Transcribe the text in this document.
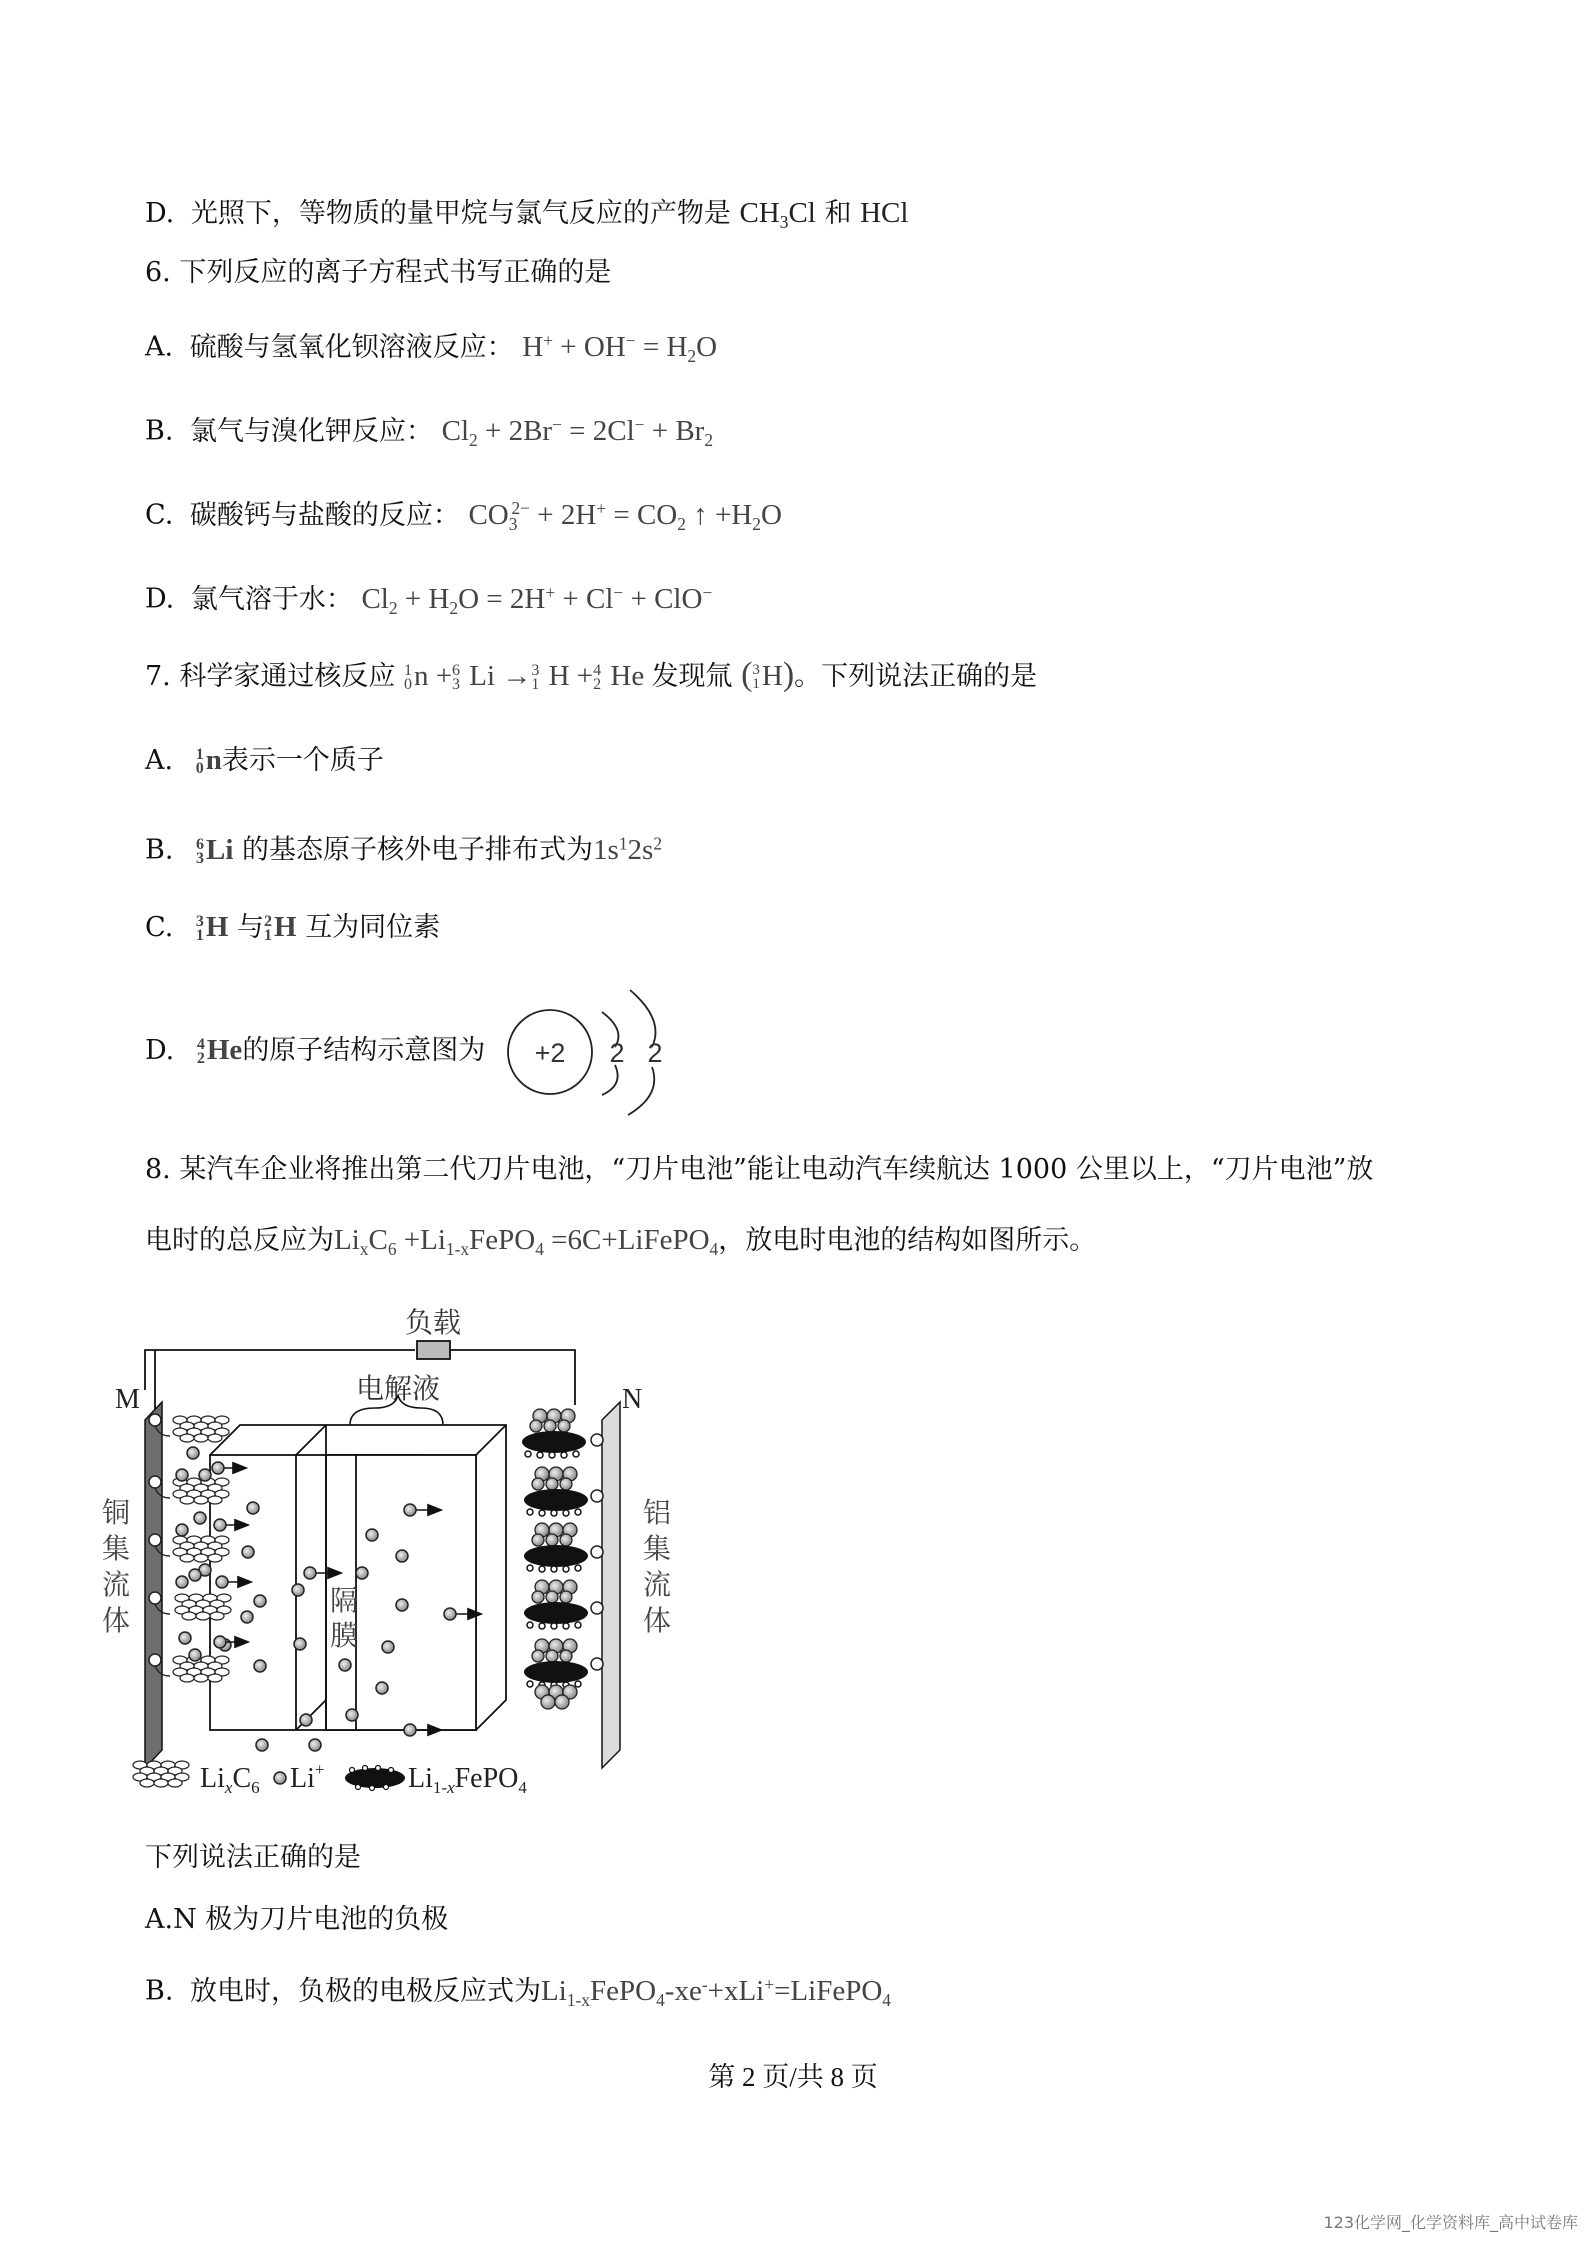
D. 光照下，等物质的量甲烷与氯气反应的产物是 $CH_3Cl$ 和 HCl
6. 下列反应的离子方程式书写正确的是
A. 硫酸与氢氧化钡溶液反应： $H^+ + OH^- = H_2O$
B. 氯气与溴化钾反应： $Cl_2 + 2Br^- = 2Cl^- + Br_2$
C. 碳酸钙与盐酸的反应： $CO_3^{2-} + 2H^+ = CO_2$ ↑ $+H_2O$
D. 氯气溶于水： $Cl_2 + H_2O = 2H^+ + Cl^- + ClO^-$
7. 科学家通过核反应 1
0 n + 6
3 Li → 3
1 H + 4
2 He 发现氚 ( 3
1 H)。下列说法正确的是
A. 1
0 n表示一个质子
B. 6
3 Li 的基态原子核外电子排布式为$1s^12s^2$
C. 3
1 H 与 2
1 H 互为同位素
D. 4
2 He的原子结构示意图为 +2 2 2
8. 某汽车企业将推出第二代刀片电池，“刀片电池”能让电动汽车续航达 1000 公里以上，“刀片电池”放
电时的总反应为$Li_xC_6$ $+Li_{1-x}FePO_4$ =6C+LiFePO$_4$，放电时电池的结构如图所示。
负载
电解液
M
铜
集
流
体
N
铝
集
流
体
隔
膜
$Li_xC_6$ Li+	$Li_{1-}xFePO_4$
下列说法正确的是
A.N 极为刀片电池的负极
B. 放电时，负极的电极反应式为$Li_{1-x}FePO_4-xe^-+xLi^+=LiFePO_4$
第 2 页/共 8 页
123化学网_化学资料库_高中试卷库
